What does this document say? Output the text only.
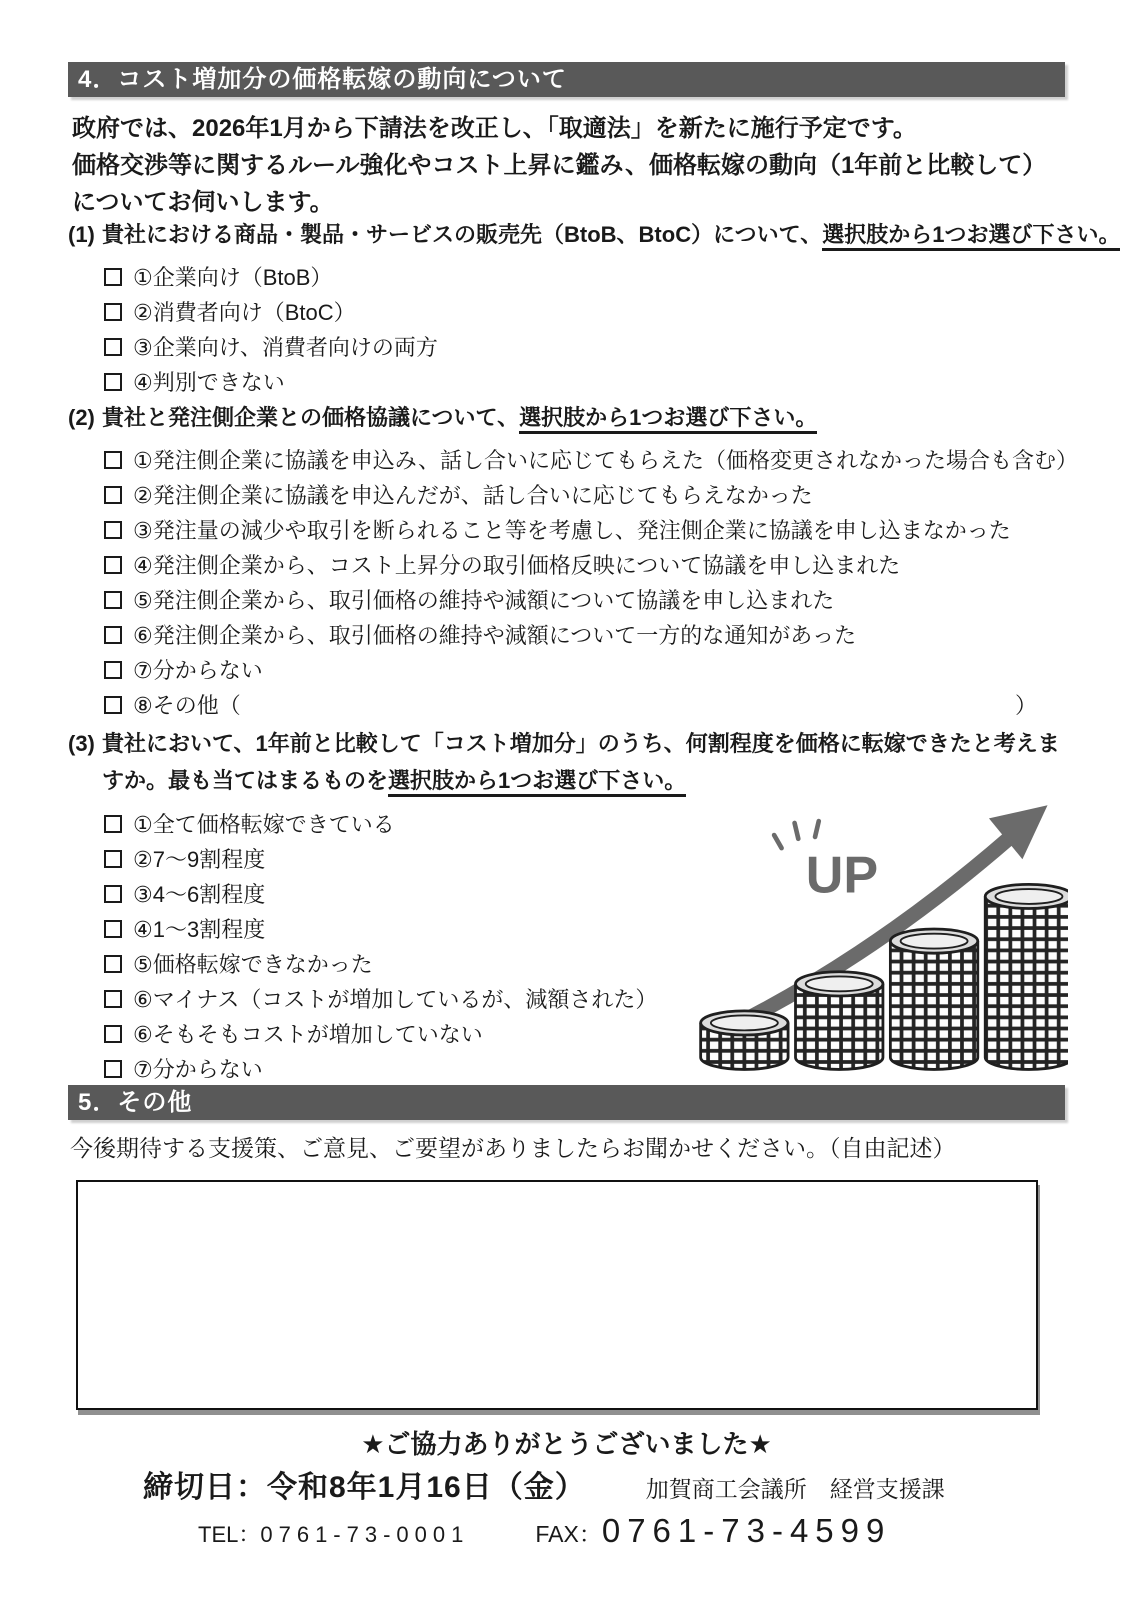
4．コスト増加分の価格転嫁の動向について

政府では、2026年1月から下請法を改正し、「取適法」を新たに施行予定です。

価格交渉等に関するルール強化やコスト上昇に鑑み、価格転嫁の動向（1年前と比較して）についてお伺いします。

(1) 貴社における商品・製品・サービスの販売先（BtoB、BtoC）について、選択肢から1つお選び下さい。
①企業向け（BtoB）
②消費者向け（BtoC）
③企業向け、消費者向けの両方
④判別できない
(2) 貴社と発注側企業との価格協議について、選択肢から1つお選び下さい。
①発注側企業に協議を申込み、話し合いに応じてもらえた（価格変更されなかった場合も含む）
②発注側企業に協議を申込んだが、話し合いに応じてもらえなかった
③発注量の減少や取引を断られること等を考慮し、発注側企業に協議を申し込まなかった
④発注側企業から、コスト上昇分の取引価格反映について協議を申し込まれた
⑤発注側企業から、取引価格の維持や減額について協議を申し込まれた
⑥発注側企業から、取引価格の維持や減額について一方的な通知があった
⑦分からない
⑧その他（	）
(3) 貴社において、1年前と比較して「コスト増加分」のうち、何割程度を価格に転嫁できたと考えま
すか。最も当てはまるものを選択肢から1つお選び下さい。
①全て価格転嫁できている
②7～9割程度
③4～6割程度
④1～3割程度
⑤価格転嫁できなかった
⑥マイナス（コストが増加しているが、減額された）
⑥そもそもコストが増加していない
⑦分からない
UP
5．その他
今後期待する支援策、ご意見、ご要望がありましたらお聞かせください。（自由記述）
★ご協力ありがとうございました★
締切日：令和8年1月16日（金）	加賀商工会議所　経営支援課
TEL：0761-73-0001	FAX：0761-73-4599
